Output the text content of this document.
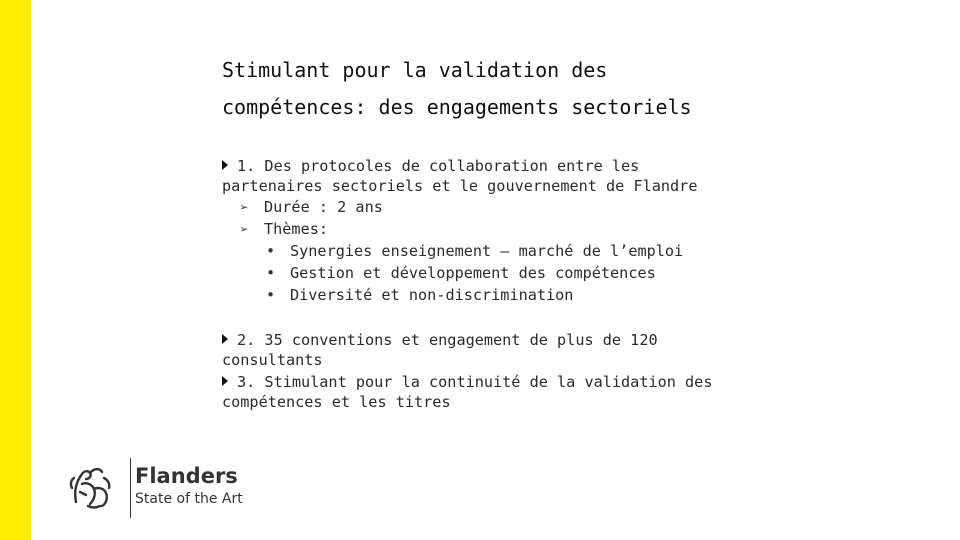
Stimulant pour la validation des
compétences: des engagements sectoriels
1. Des protocoles de collaboration entre les
partenaires sectoriels et le gouvernement de Flandre
➢ Durée : 2 ans
➢ Thèmes:
• Synergies enseignement – marché de l’emploi
• Gestion et développement des compétences
• Diversité et non-discrimination
2. 35 conventions et engagement de plus de 120
consultants
3. Stimulant pour la continuité de la validation des
compétences et les titres
Flanders
State of the Art
